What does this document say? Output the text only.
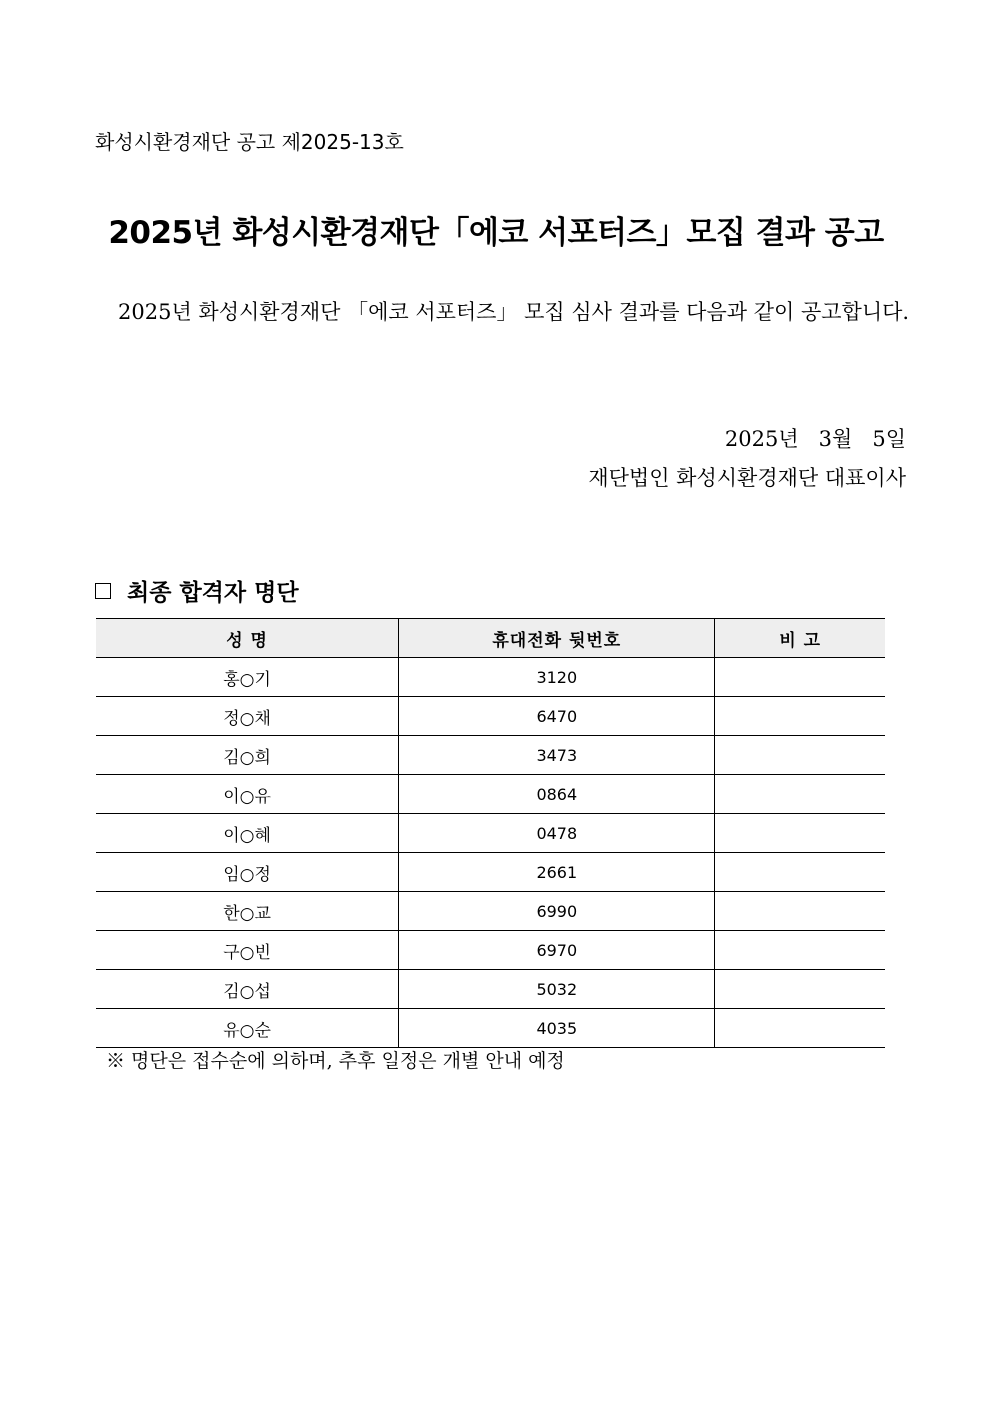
화성시환경재단 공고 제2025-13호
2025년 화성시환경재단「에코 서포터즈」모집 결과 공고
2025년 화성시환경재단 「에코 서포터즈」 모집 심사 결과를 다음과 같이 공고합니다.
2025년   3월   5일
재단법인 화성시환경재단 대표이사
최종 합격자 명단
성 명	휴대전화 뒷번호	비 고
홍○기	3120	
정○채	6470	
김○희	3473	
이○유	0864	
이○혜	0478	
임○정	2661	
한○교	6990	
구○빈	6970	
김○섭	5032	
유○순	4035	
※ 명단은 접수순에 의하며, 추후 일정은 개별 안내 예정
